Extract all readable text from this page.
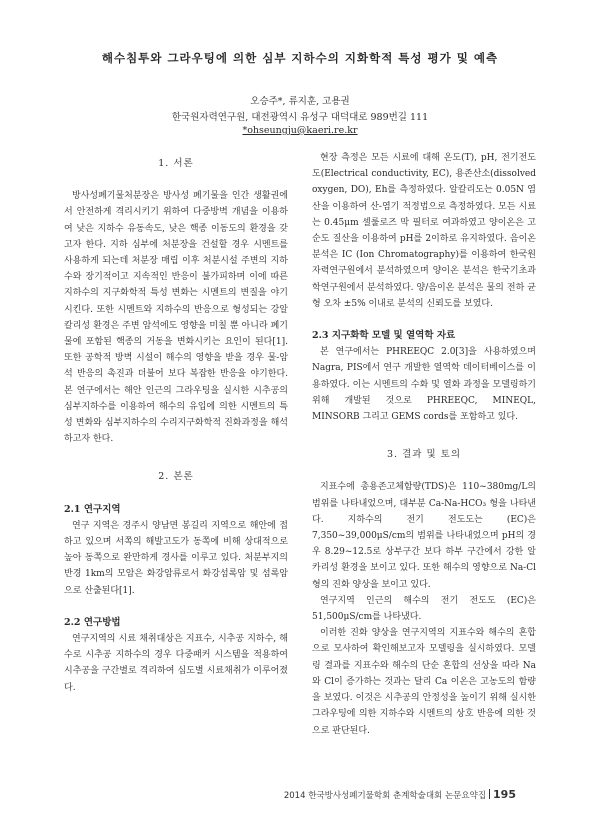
해수침투와 그라우팅에 의한 심부 지하수의 지화학적 특성 평가 및 예측
오승주*, 류지훈, 고용권
한국원자력연구원, 대전광역시 유성구 대덕대로 989번길 111
*ohseungju@kaeri.re.kr
1. 서론

방사성폐기물처분장은 방사성 폐기물을 인간 생활권에서 안전하게 격리시키기 위하여 다중방벽 개념을 이용하여 낮은 지하수 유동속도, 낮은 핵종 이동도의 환경을 갖고자 한다. 지하 심부에 처분장을 건설할 경우 시멘트를 사용하게 되는데 처분장 매립 이후 처분시설 주변의 지하수와 장기적이고 지속적인 반응이 불가피하며 이에 따른 지하수의 지구화학적 특성 변화는 시멘트의 변질을 야기 시킨다. 또한 시멘트와 지하수의 반응으로 형성되는 강알칼리성 환경은 주변 암석에도 영향을 미칠 뿐 아니라 폐기물에 포함된 핵종의 거동을 변화시키는 요인이 된다[1]. 또한 공학적 방벽 시설이 해수의 영향을 받을 경우 물-암석 반응의 촉진과 더불어 보다 복잡한 반응을 야기한다. 본 연구에서는 해안 인근의 그라우팅을 실시한 시추공의 심부지하수를 이용하여 해수의 유입에 의한 시멘트의 특성 변화와 심부지하수의 수리지구화학적 진화과정을 해석하고자 한다.

2. 본론
2.1 연구지역

연구 지역은 경주시 양남면 봉길리 지역으로 해안에 접하고 있으며 서쪽의 해발고도가 동쪽에 비해 상대적으로 높아 동쪽으로 완만하게 경사를 이루고 있다. 처분부지의 반경 1km의 모암은 화강암류로서 화강섬록암 및 섬록암으로 산출된다[1].

2.2 연구방법

연구지역의 시료 채취대상은 지표수, 시추공 지하수, 해수로 시추공 지하수의 경우 다중패커 시스템을 적용하여 시추공을 구간별로 격리하여 심도별 시료채취가 이루어졌다.

현장 측정은 모든 시료에 대해 온도(T), pH, 전기전도도(Electrical conductivity, EC), 용존산소(dissolved oxygen, DO), Eh를 측정하였다. 알칼리도는 0.05N 염산을 이용하여 산-염기 적정법으로 측정하였다. 모든 시료는 0.45μm 셀룰로즈 막 필터로 여과하였고 양이온은 고순도 질산을 이용하여 pH를 2이하로 유지하였다. 음이온분석은 IC (Ion Chromatography)를 이용하여 한국원자력연구원에서 분석하였으며 양이온 분석은 한국기초과학연구원에서 분석하였다. 양/음이온 분석은 물의 전하 균형 오차 ±5% 이내로 분석의 신뢰도를 보였다.

2.3 지구화학 모델 및 열역학 자료

본 연구에서는 PHREEQC 2.0[3]을 사용하였으며 Nagra, PIS에서 연구 개발한 열역학 데이터베이스를 이용하였다. 이는 시멘트의 수화 및 열화 과정을 모델링하기 위해 개발된 것으로 PHREEQC, MINEQL, MINSORB 그리고 GEMS cords를 포함하고 있다.

3. 결과 및 토의

지표수에 총용존고체함량(TDS)은 110~380mg/L의 범위를 나타내었으며, 대부분 Ca-Na-HCO₃ 형을 나타낸다. 지하수의 전기 전도도는 (EC)은 7,350~39,000μS/cm의 범위를 나타내었으며 pH의 경우 8.29~12.5로 상부구간 보다 하부 구간에서 강한 알카리성 환경을 보이고 있다. 또한 해수의 영향으로 Na-Cl형의 진화 양상을 보이고 있다.

연구지역 인근의 해수의 전기 전도도 (EC)은 51,500μS/cm를 나타냈다.

이러한 진화 양상을 연구지역의 지표수와 해수의 혼합으로 모사하여 확인해보고자 모델링을 실시하였다. 모델링 결과를 지표수와 해수의 단순 혼합의 선상을 따라 Na와 Cl이 증가하는 것과는 달리 Ca 이온은 고농도의 함량을 보였다. 이것은 시추공의 안정성을 높이기 위해 실시한 그라우팅에 의한 지하수와 시멘트의 상호 반응에 의한 것으로 판단된다.

2014 한국방사성폐기물학회 춘계학술대회 논문요약집 195
